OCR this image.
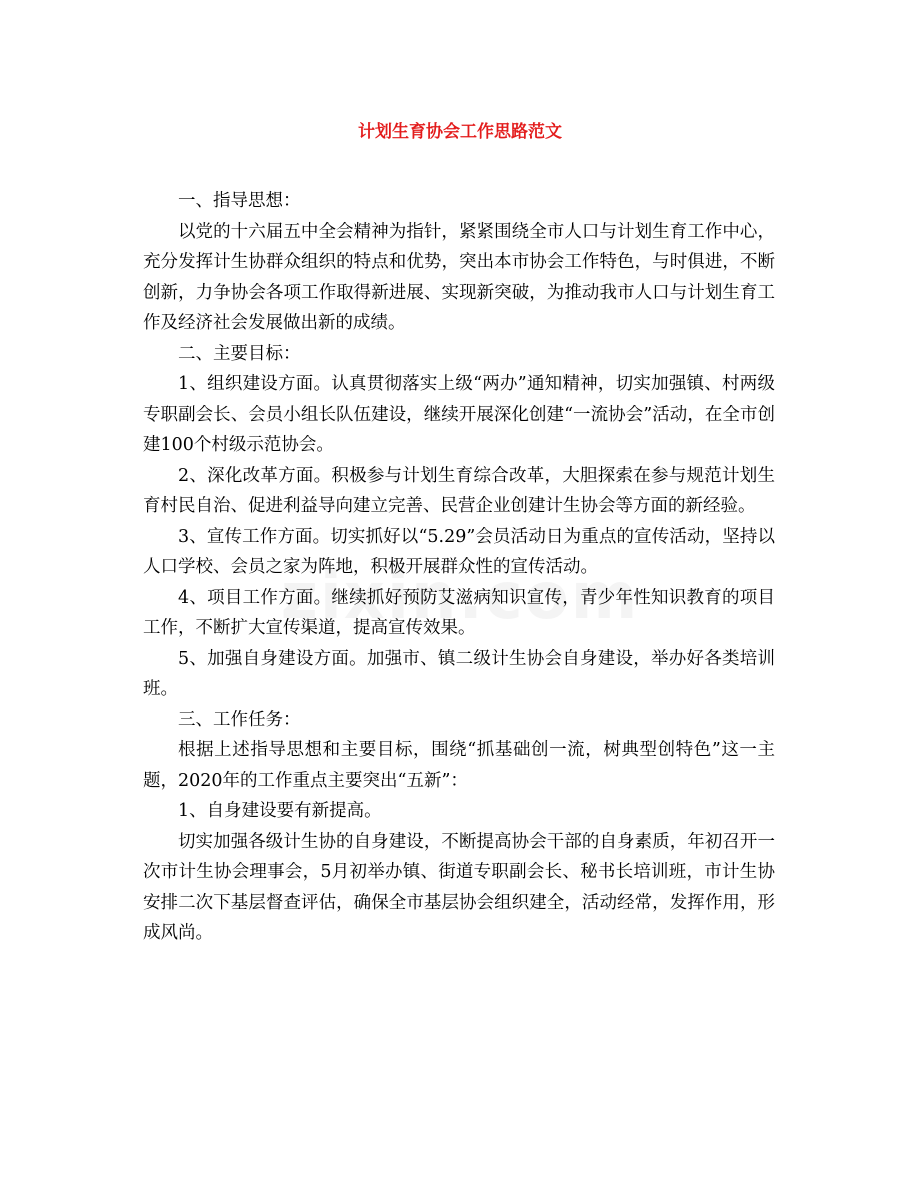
计划生育协会工作思路范文

一、指导思想：

以党的十六届五中全会精神为指针，紧紧围绕全市人口与计划生育工作中心，充分发挥计生协群众组织的特点和优势，突出本市协会工作特色，与时俱进，不断创新，力争协会各项工作取得新进展、实现新突破，为推动我市人口与计划生育工作及经济社会发展做出新的成绩。

二、主要目标：

1、组织建设方面。认真贯彻落实上级“两办”通知精神，切实加强镇、村两级专职副会长、会员小组长队伍建设，继续开展深化创建“一流协会”活动，在全市创建100个村级示范协会。

2、深化改革方面。积极参与计划生育综合改革，大胆探索在参与规范计划生育村民自治、促进利益导向建立完善、民营企业创建计生协会等方面的新经验。

3、宣传工作方面。切实抓好以“5.29”会员活动日为重点的宣传活动，坚持以人口学校、会员之家为阵地，积极开展群众性的宣传活动。

4、项目工作方面。继续抓好预防艾滋病知识宣传，青少年性知识教育的项目工作，不断扩大宣传渠道，提高宣传效果。

5、加强自身建设方面。加强市、镇二级计生协会自身建设，举办好各类培训班。

三、工作任务：

根据上述指导思想和主要目标，围绕“抓基础创一流，树典型创特色”这一主题，2020年的工作重点主要突出“五新”：

1、自身建设要有新提高。

切实加强各级计生协的自身建设，不断提高协会干部的自身素质，年初召开一次市计生协会理事会，5月初举办镇、街道专职副会长、秘书长培训班，市计生协安排二次下基层督查评估，确保全市基层协会组织建全，活动经常，发挥作用，形成风尚。
